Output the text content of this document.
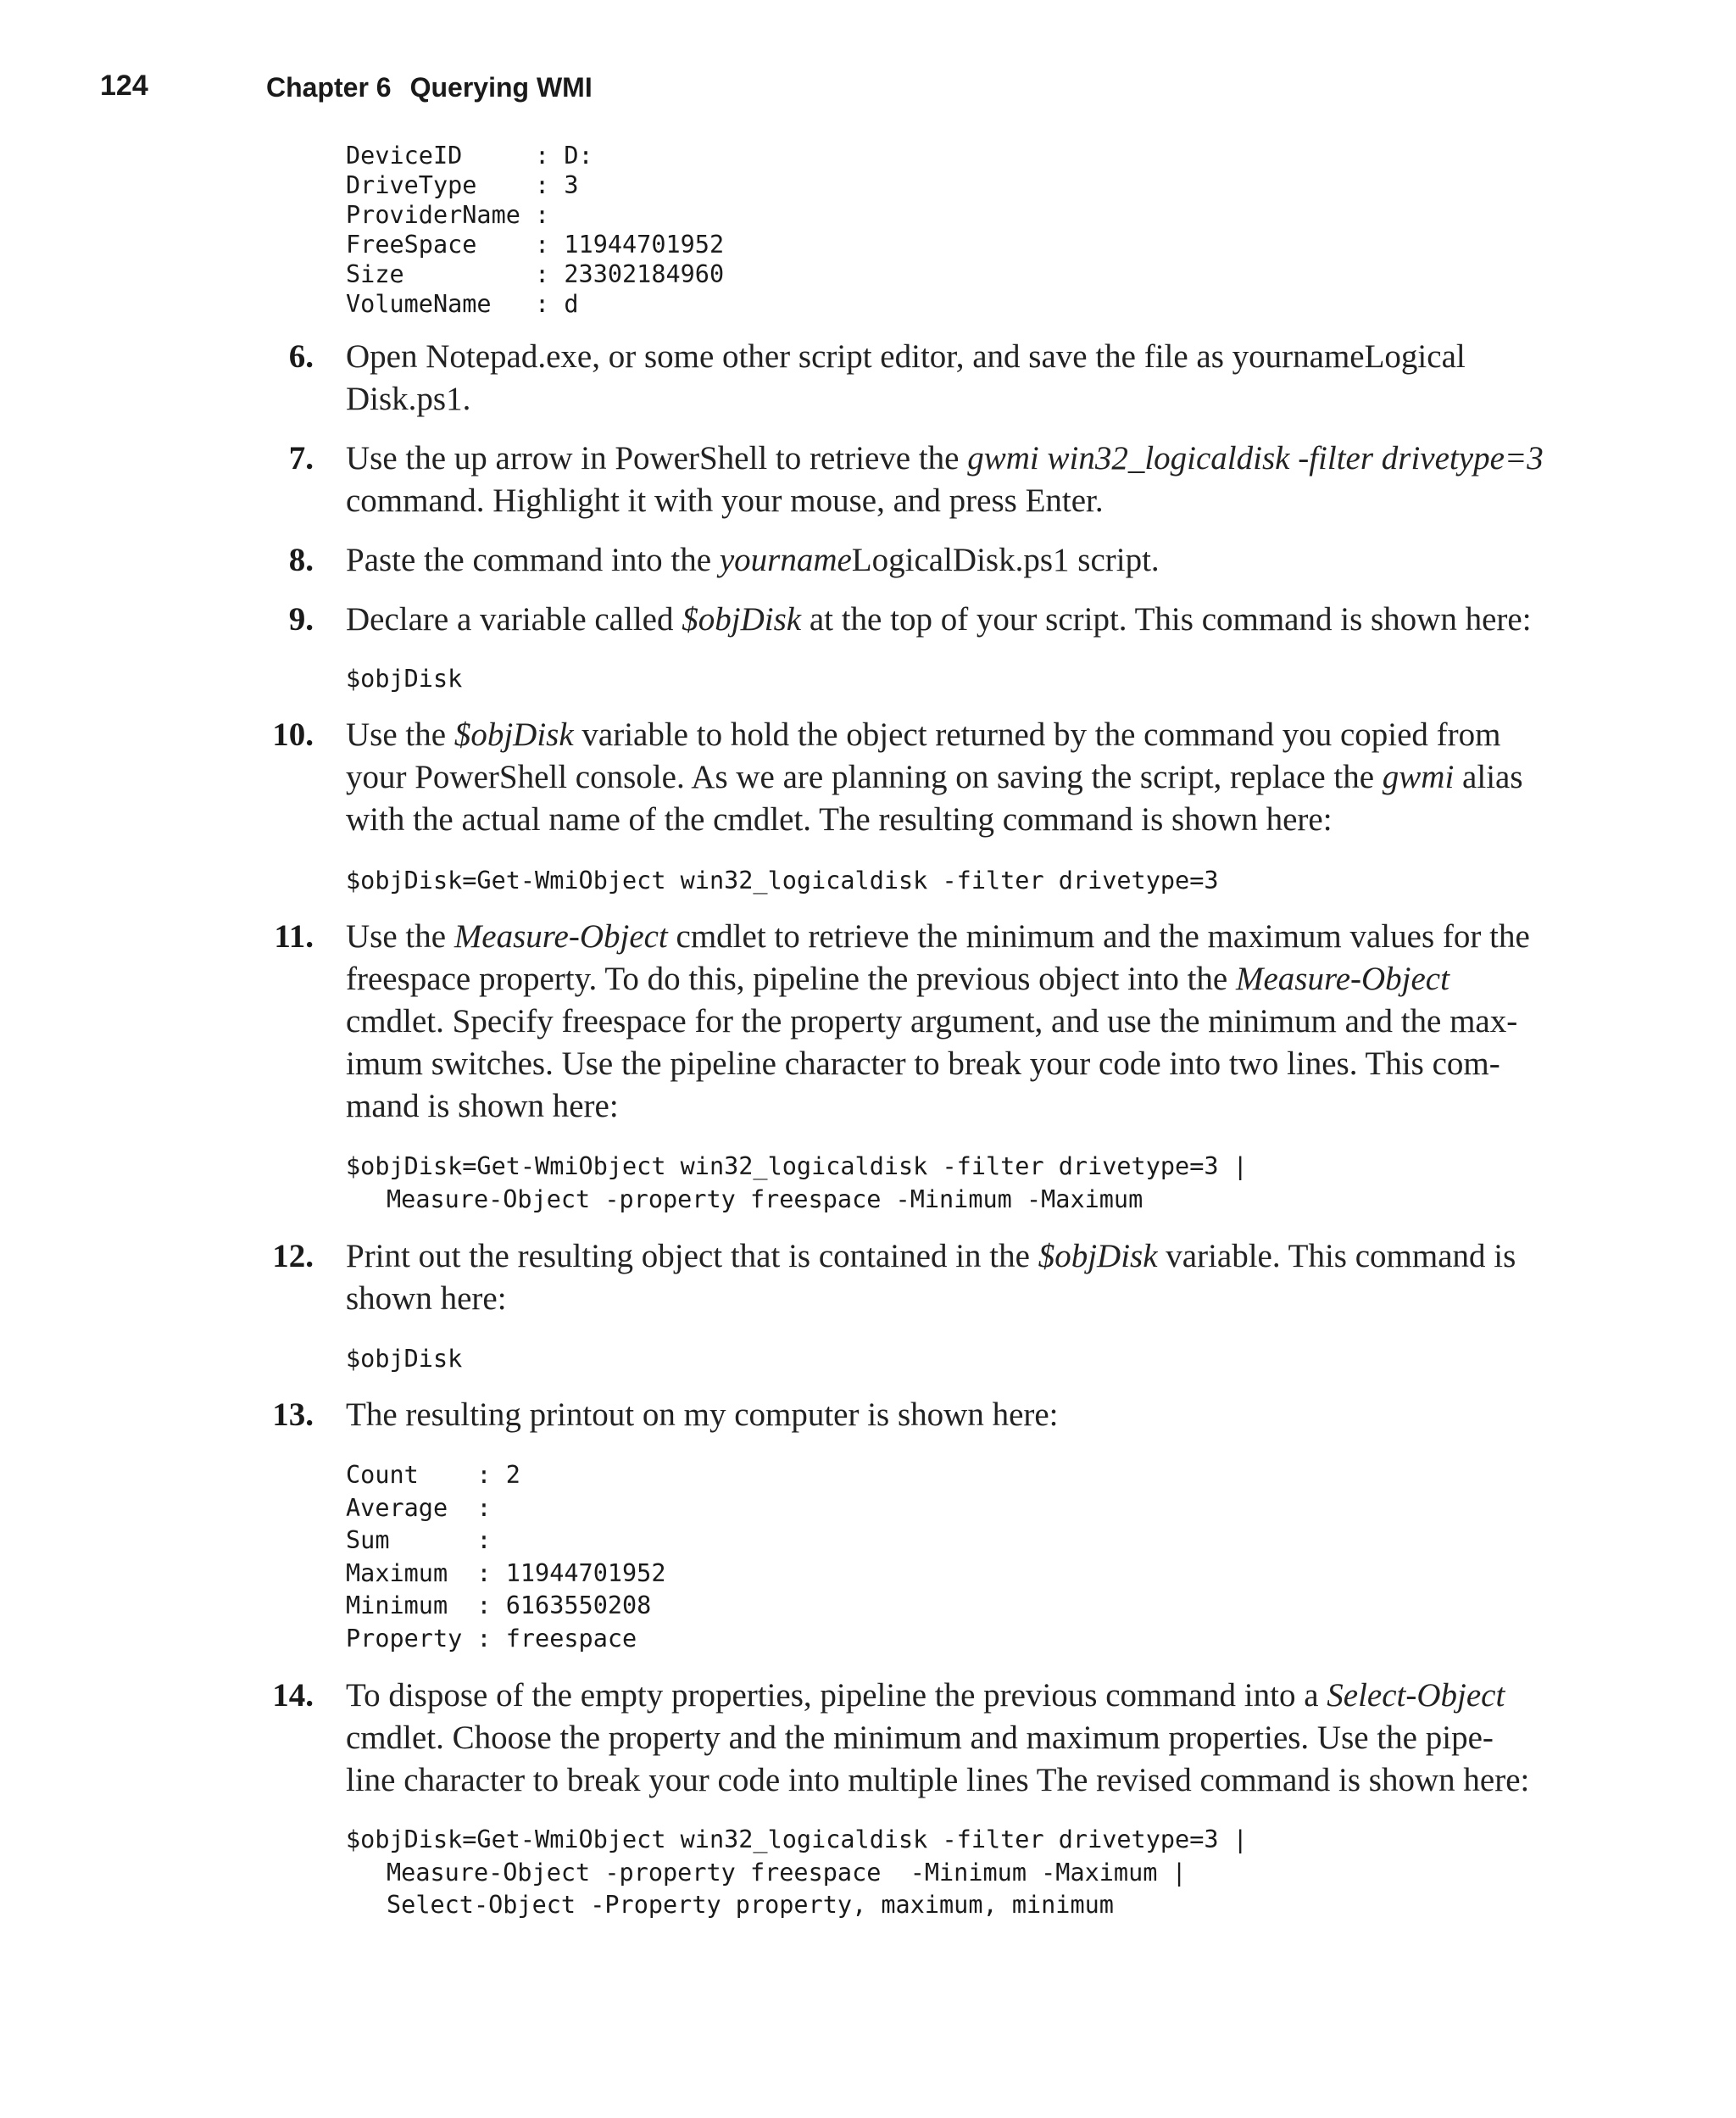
124	Chapter 6 Querying WMI
DeviceID     : D:
DriveType    : 3
ProviderName :
FreeSpace    : 11944701952
Size         : 23302184960
VolumeName   : d
6. Open Notepad.exe, or some other script editor, and save the file as yournameLogical
Disk.ps1.
7. Use the up arrow in PowerShell to retrieve the gwmi win32_logicaldisk -filter drivetype=3
command. Highlight it with your mouse, and press Enter.
8. Paste the command into the yournameLogicalDisk.ps1 script.
9. Declare a variable called $objDisk at the top of your script. This command is shown here:
$objDisk
10. Use the $objDisk variable to hold the object returned by the command you copied from
your PowerShell console. As we are planning on saving the script, replace the gwmi alias
with the actual name of the cmdlet. The resulting command is shown here:
$objDisk=Get-WmiObject win32_logicaldisk -filter drivetype=3
11. Use the Measure-Object cmdlet to retrieve the minimum and the maximum values for the
freespace property. To do this, pipeline the previous object into the Measure-Object
cmdlet. Specify freespace for the property argument, and use the minimum and the max-
imum switches. Use the pipeline character to break your code into two lines. This com-
mand is shown here:
$objDisk=Get-WmiObject win32_logicaldisk -filter drivetype=3 |
Measure-Object -property freespace -Minimum -Maximum
12. Print out the resulting object that is contained in the $objDisk variable. This command is
shown here:
$objDisk
13. The resulting printout on my computer is shown here:
Count    : 2
Average  :
Sum      :
Maximum  : 11944701952
Minimum  : 6163550208
Property : freespace
14. To dispose of the empty properties, pipeline the previous command into a Select-Object
cmdlet. Choose the property and the minimum and maximum properties. Use the pipe-
line character to break your code into multiple lines The revised command is shown here:
$objDisk=Get-WmiObject win32_logicaldisk -filter drivetype=3 |
Measure-Object -property freespace  -Minimum -Maximum |
Select-Object -Property property, maximum, minimum
